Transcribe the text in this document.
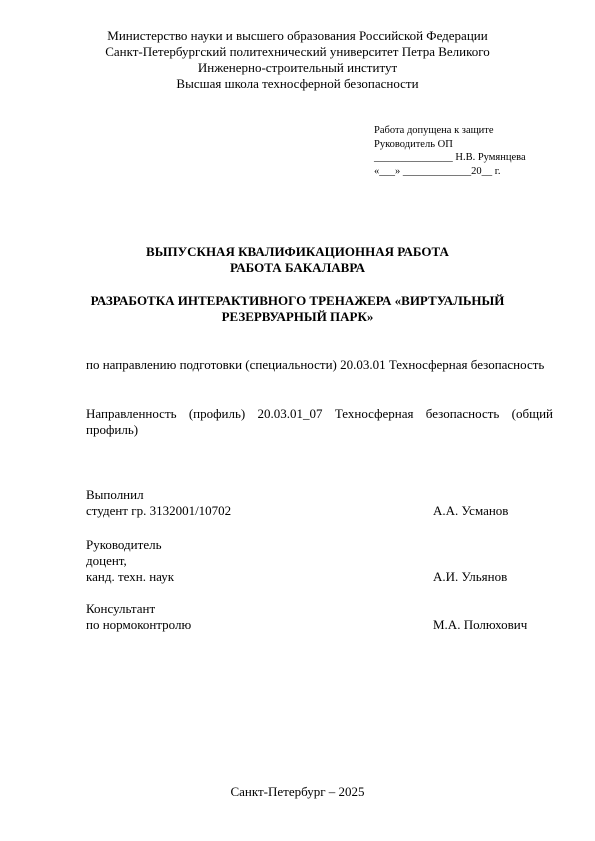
Министерство науки и высшего образования Российской Федерации
Санкт-Петербургский политехнический университет Петра Великого
Инженерно-строительный институт
Высшая школа техносферной безопасности
Работа допущена к защите
Руководитель ОП
_______________ Н.В. Румянцева
«___» _____________20__ г.
ВЫПУСКНАЯ КВАЛИФИКАЦИОННАЯ РАБОТА
РАБОТА БАКАЛАВРА
РАЗРАБОТКА ИНТЕРАКТИВНОГО ТРЕНАЖЕРА «ВИРТУАЛЬНЫЙ РЕЗЕРВУАРНЫЙ ПАРК»
по направлению подготовки (специальности) 20.03.01 Техносферная безопасность
Направленность (профиль) 20.03.01_07 Техносферная безопасность (общий профиль)
Выполнил
студент гр. 3132001/10702	А.А. Усманов
Руководитель
доцент,
канд. техн. наук	А.И. Ульянов
Консультант
по нормоконтролю	М.А. Полюхович
Санкт-Петербург – 2025
